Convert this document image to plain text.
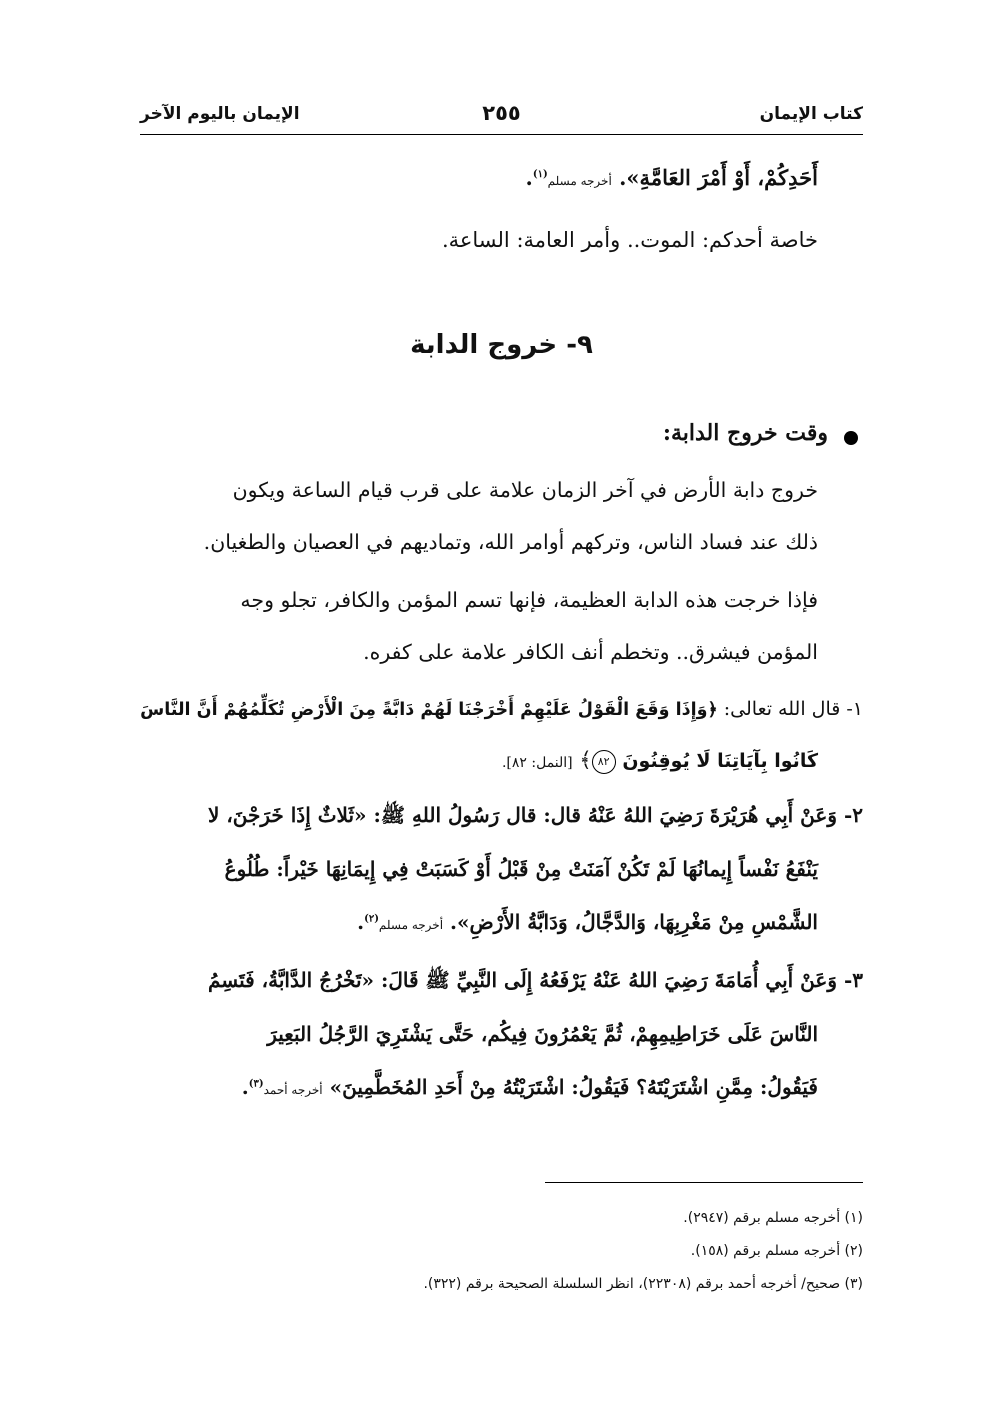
كتاب الإيمان
٢٥٥
الإيمان باليوم الآخر
أَحَدِكُمْ، أَوْ أَمْرَ العَامَّةِ». أخرجه مسلم$^{(١)}$.
خاصة أحدكم: الموت.. وأمر العامة: الساعة.
٩- خروج الدابة
وقت خروج الدابة:
خروج دابة الأرض في آخر الزمان علامة على قرب قيام الساعة ويكون
ذلك عند فساد الناس، وتركهم أوامر الله، وتماديهم في العصيان والطغيان.
فإذا خرجت هذه الدابة العظيمة، فإنها تسم المؤمن والكافر، تجلو وجه
المؤمن فيشرق.. وتخطم أنف الكافر علامة على كفره.
١- قال الله تعالى: ﴿وَإِذَا وَقَعَ الْقَوْلُ عَلَيْهِمْ أَخْرَجْنَا لَهُمْ دَابَّةً مِنَ الْأَرْضِ تُكَلِّمُهُمْ أَنَّ النَّاسَ
كَانُوا بِآيَاتِنَا لَا يُوقِنُونَ ٨٢﴾ [النمل: ٨٢].
٢- وَعَنْ أَبِي هُرَيْرَةَ رَضِيَ اللهُ عَنْهُ قال: قال رَسُولُ اللهِ ﷺ: «ثَلاثٌ إِذَا خَرَجْنَ، لا
يَنْفَعُ نَفْساً إِيمانُهَا لَمْ تَكُنْ آمَنَتْ مِنْ قَبْلُ أَوْ كَسَبَتْ فِي إِيمَانِهَا خَيْراً: طُلُوعُ
الشَّمْسِ مِنْ مَغْرِبِهَا، وَالدَّجَّالُ، وَدَابَّةُ الأَرْضِ». أخرجه مسلم$^{(٢)}$.
٣- وَعَنْ أَبِي أُمَامَةَ رَضِيَ اللهُ عَنْهُ يَرْفَعُهُ إِلَى النَّبِيِّ ﷺ قَالَ: «تَخْرُجُ الدَّابَّةُ، فَتَسِمُ
النَّاسَ عَلَى خَرَاطِيمِهِمْ، ثُمَّ يَعْمُرُونَ فِيكُم، حَتَّى يَشْتَرِيَ الرَّجُلُ البَعِيرَ
فَيَقُولُ: مِمَّنِ اشْتَرَيْتَهُ؟ فَيَقُولُ: اشْتَرَيْتُهُ مِنْ أَحَدِ المُخَطَّمِينَ» أخرجه أحمد$^{(٣)}$.
(١) أخرجه مسلم برقم (٢٩٤٧).
(٢) أخرجه مسلم برقم (١٥٨).
(٣) صحيح/ أخرجه أحمد برقم (٢٢٣٠٨)، انظر السلسلة الصحيحة برقم (٣٢٢).
